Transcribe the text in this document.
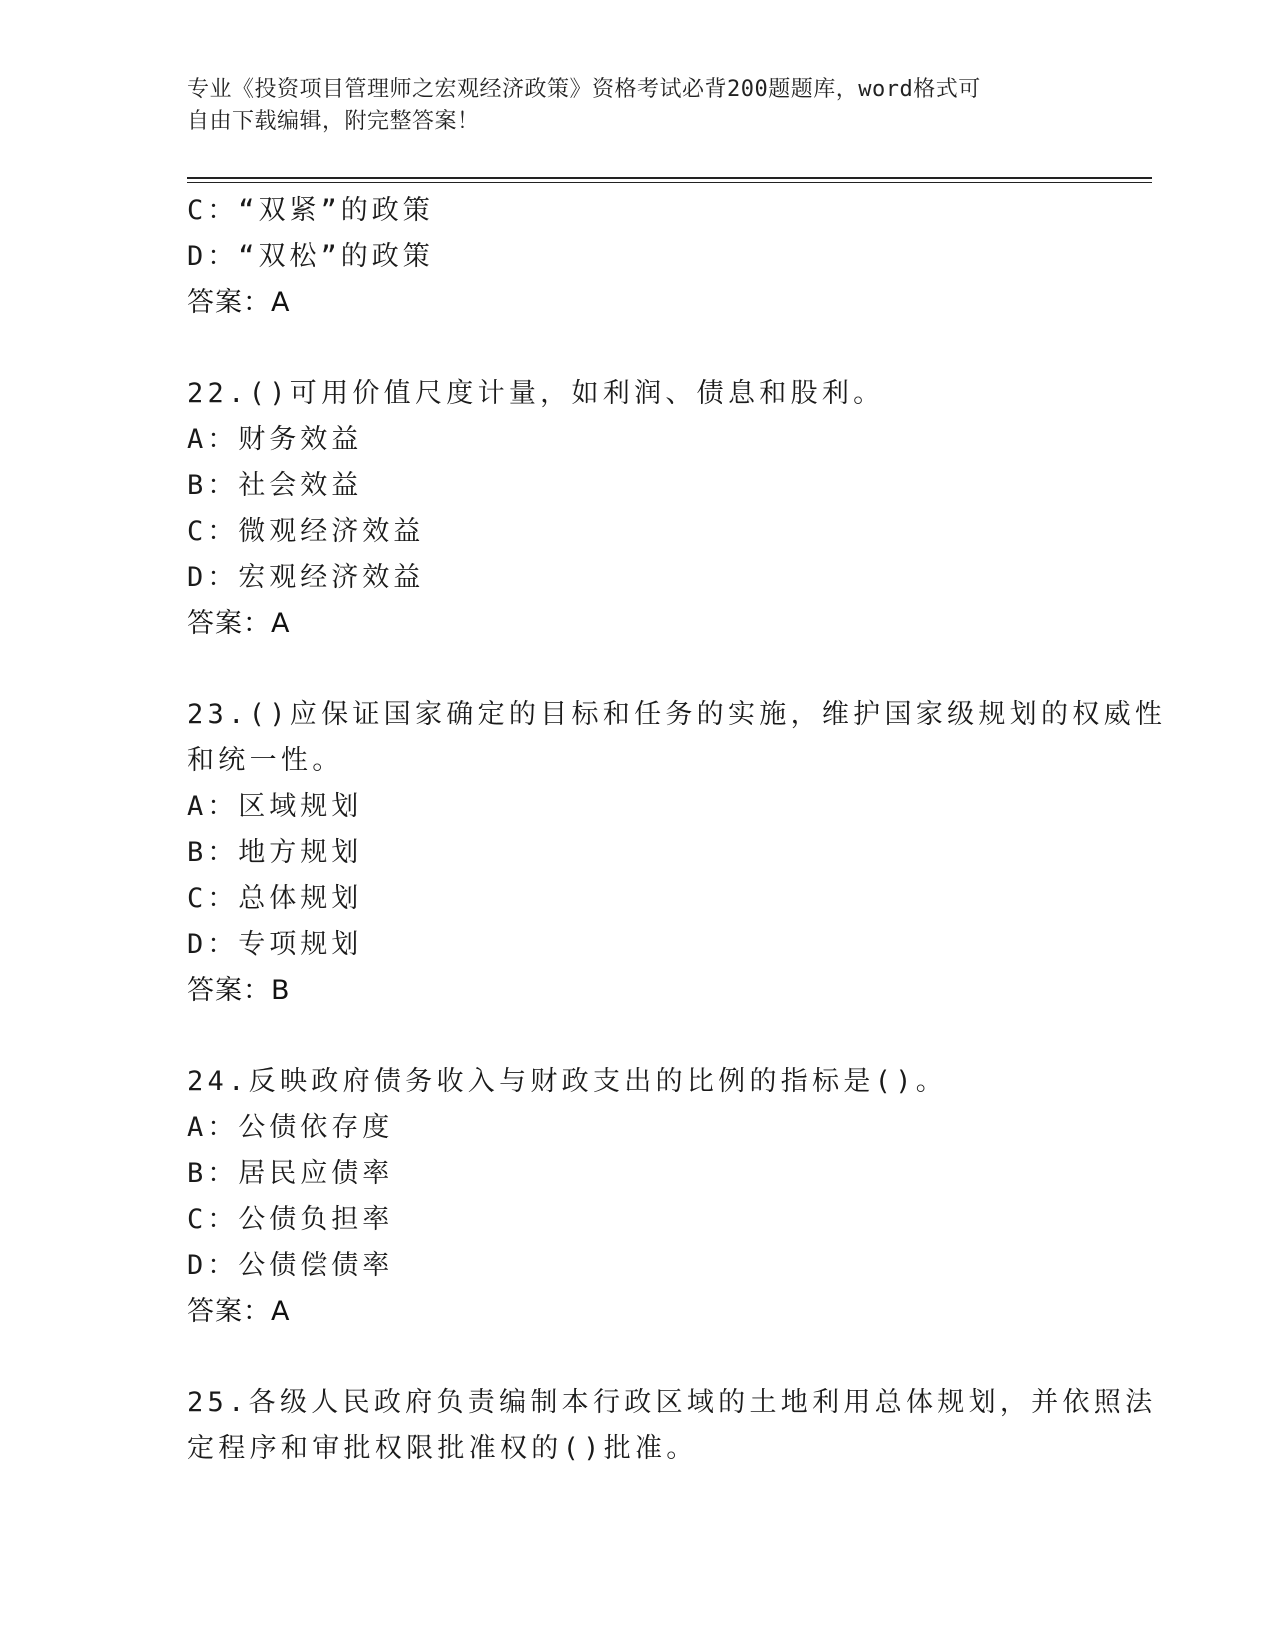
专业《投资项目管理师之宏观经济政策》资格考试必背200题题库，word格式可
自由下载编辑，附完整答案！
C：“双紧”的政策
D：“双松”的政策
答案：A
22.()可用价值尺度计量，如利润、债息和股利。
A：财务效益
B：社会效益
C：微观经济效益
D：宏观经济效益
答案：A
23.()应保证国家确定的目标和任务的实施，维护国家级规划的权威性
和统一性。
A：区域规划
B：地方规划
C：总体规划
D：专项规划
答案：B
24.反映政府债务收入与财政支出的比例的指标是()。
A：公债依存度
B：居民应债率
C：公债负担率
D：公债偿债率
答案：A
25.各级人民政府负责编制本行政区域的土地利用总体规划，并依照法
定程序和审批权限批准权的()批准。
